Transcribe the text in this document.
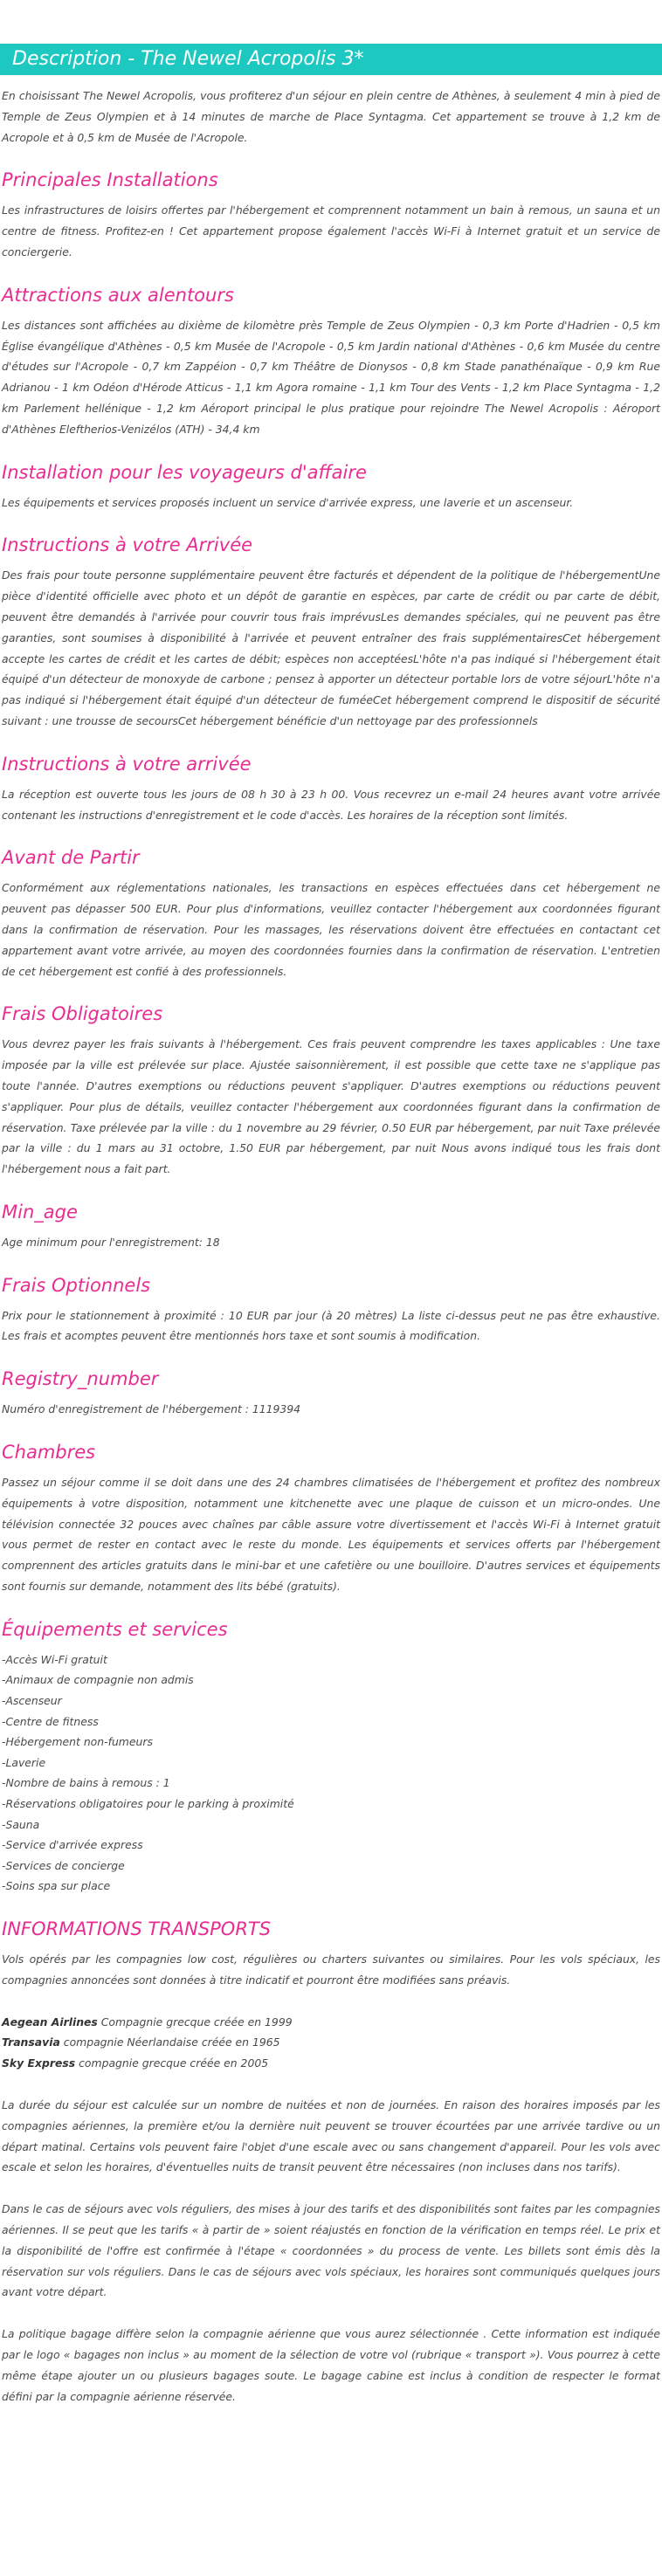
Description - The Newel Acropolis 3*

En choisissant The Newel Acropolis, vous profiterez d'un séjour en plein centre de Athènes, à seulement 4 min à pied de Temple de Zeus Olympien et à 14 minutes de marche de Place Syntagma. Cet appartement se trouve à 1,2 km de Acropole et à 0,5 km de Musée de l'Acropole.

Principales Installations

Les infrastructures de loisirs offertes par l'hébergement et comprennent notamment un bain à remous, un sauna et un centre de fitness. Profitez-en ! Cet appartement propose également l'accès Wi-Fi à Internet gratuit et un service de conciergerie.

Attractions aux alentours

Les distances sont affichées au dixième de kilomètre près Temple de Zeus Olympien - 0,3 km Porte d'Hadrien - 0,5 km Église évangélique d'Athènes - 0,5 km Musée de l'Acropole - 0,5 km Jardin national d'Athènes - 0,6 km Musée du centre d'études sur l'Acropole - 0,7 km Zappéion - 0,7 km Théâtre de Dionysos - 0,8 km Stade panathénaïque - 0,9 km Rue Adrianou - 1 km Odéon d'Hérode Atticus - 1,1 km Agora romaine - 1,1 km Tour des Vents - 1,2 km Place Syntagma - 1,2 km Parlement hellénique - 1,2 km Aéroport principal le plus pratique pour rejoindre The Newel Acropolis : Aéroport d'Athènes Eleftherios-Venizélos (ATH) - 34,4 km

Installation pour les voyageurs d'affaire

Les équipements et services proposés incluent un service d'arrivée express, une laverie et un ascenseur.

Instructions à votre Arrivée

Des frais pour toute personne supplémentaire peuvent être facturés et dépendent de la politique de l'hébergementUne pièce d'identité officielle avec photo et un dépôt de garantie en espèces, par carte de crédit ou par carte de débit, peuvent être demandés à l'arrivée pour couvrir tous frais imprévusLes demandes spéciales, qui ne peuvent pas être garanties, sont soumises à disponibilité à l'arrivée et peuvent entraîner des frais supplémentairesCet hébergement accepte les cartes de crédit et les cartes de débit; espèces non acceptéesL'hôte n'a pas indiqué si l'hébergement était équipé d'un détecteur de monoxyde de carbone ; pensez à apporter un détecteur portable lors de votre séjourL'hôte n'a pas indiqué si l'hébergement était équipé d'un détecteur de fuméeCet hébergement comprend le dispositif de sécurité suivant : une trousse de secoursCet hébergement bénéficie d'un nettoyage par des professionnels

Instructions à votre arrivée

La réception est ouverte tous les jours de 08 h 30 à 23 h 00. Vous recevrez un e-mail 24 heures avant votre arrivée contenant les instructions d'enregistrement et le code d'accès. Les horaires de la réception sont limités.

Avant de Partir

Conformément aux réglementations nationales, les transactions en espèces effectuées dans cet hébergement ne peuvent pas dépasser 500 EUR. Pour plus d'informations, veuillez contacter l'hébergement aux coordonnées figurant dans la confirmation de réservation. Pour les massages, les réservations doivent être effectuées en contactant cet appartement avant votre arrivée, au moyen des coordonnées fournies dans la confirmation de réservation. L'entretien de cet hébergement est confié à des professionnels.

Frais Obligatoires

Vous devrez payer les frais suivants à l'hébergement. Ces frais peuvent comprendre les taxes applicables : Une taxe imposée par la ville est prélevée sur place. Ajustée saisonnièrement, il est possible que cette taxe ne s'applique pas toute l'année. D'autres exemptions ou réductions peuvent s'appliquer. D'autres exemptions ou réductions peuvent s'appliquer. Pour plus de détails, veuillez contacter l'hébergement aux coordonnées figurant dans la confirmation de réservation. Taxe prélevée par la ville : du 1 novembre au 29 février, 0.50 EUR par hébergement, par nuit Taxe prélevée par la ville : du 1 mars au 31 octobre, 1.50 EUR par hébergement, par nuit Nous avons indiqué tous les frais dont l'hébergement nous a fait part.

Min_age

Age minimum pour l'enregistrement: 18

Frais Optionnels

Prix pour le stationnement à proximité : 10 EUR par jour (à 20 mètres) La liste ci-dessus peut ne pas être exhaustive. Les frais et acomptes peuvent être mentionnés hors taxe et sont soumis à modification.

Registry_number

Numéro d'enregistrement de l'hébergement : 1119394

Chambres

Passez un séjour comme il se doit dans une des 24 chambres climatisées de l'hébergement et profitez des nombreux équipements à votre disposition, notamment une kitchenette avec une plaque de cuisson et un micro-ondes. Une télévision connectée 32 pouces avec chaînes par câble assure votre divertissement et l'accès Wi-Fi à Internet gratuit vous permet de rester en contact avec le reste du monde. Les équipements et services offerts par l'hébergement comprennent des articles gratuits dans le mini-bar et une cafetière ou une bouilloire. D'autres services et équipements sont fournis sur demande, notamment des lits bébé (gratuits).

Équipements et services
-Accès Wi-Fi gratuit
-Animaux de compagnie non admis
-Ascenseur
-Centre de fitness
-Hébergement non-fumeurs
-Laverie
-Nombre de bains à remous : 1
-Réservations obligatoires pour le parking à proximité
-Sauna
-Service d'arrivée express
-Services de concierge
-Soins spa sur place
INFORMATIONS TRANSPORTS

Vols opérés par les compagnies low cost, régulières ou charters suivantes ou similaires. Pour les vols spéciaux, les compagnies annoncées sont données à titre indicatif et pourront être modifiées sans préavis.

Aegean Airlines Compagnie grecque créée en 1999
Transavia compagnie Néerlandaise créée en 1965
Sky Express compagnie grecque créée en 2005

La durée du séjour est calculée sur un nombre de nuitées et non de journées. En raison des horaires imposés par les compagnies aériennes, la première et/ou la dernière nuit peuvent se trouver écourtées par une arrivée tardive ou un départ matinal. Certains vols peuvent faire l'objet d'une escale avec ou sans changement d'appareil. Pour les vols avec escale et selon les horaires, d'éventuelles nuits de transit peuvent être nécessaires (non incluses dans nos tarifs).

Dans le cas de séjours avec vols réguliers, des mises à jour des tarifs et des disponibilités sont faites par les compagnies aériennes. Il se peut que les tarifs « à partir de » soient réajustés en fonction de la vérification en temps réel. Le prix et la disponibilité de l'offre est confirmée à l'étape « coordonnées » du process de vente. Les billets sont émis dès la réservation sur vols réguliers. Dans le cas de séjours avec vols spéciaux, les horaires sont communiqués quelques jours avant votre départ.

La politique bagage diffère selon la compagnie aérienne que vous aurez sélectionnée . Cette information est indiquée par le logo « bagages non inclus » au moment de la sélection de votre vol (rubrique « transport »). Vous pourrez à cette même étape ajouter un ou plusieurs bagages soute. Le bagage cabine est inclus à condition de respecter le format défini par la compagnie aérienne réservée.
